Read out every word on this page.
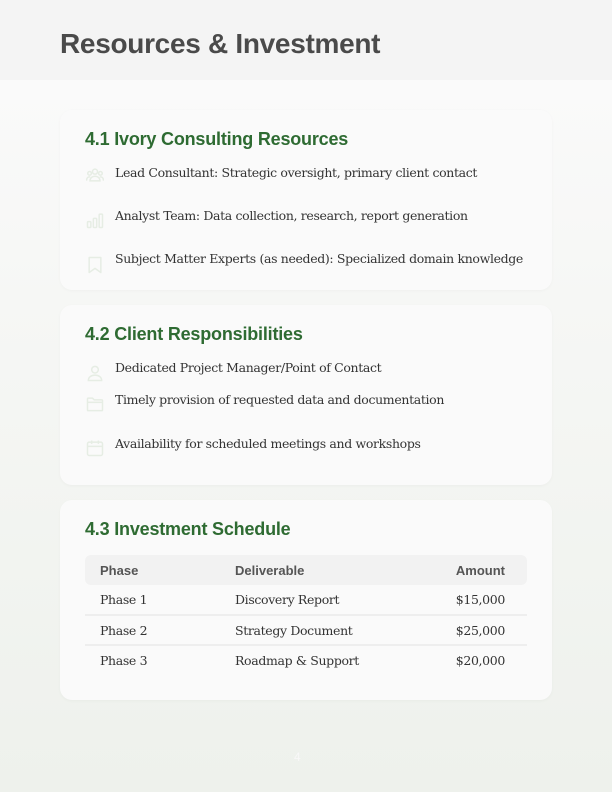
Resources & Investment
4.1 Ivory Consulting Resources
Lead Consultant: Strategic oversight, primary client contact
Analyst Team: Data collection, research, report generation
Subject Matter Experts (as needed): Specialized domain knowledge
4.2 Client Responsibilities
Dedicated Project Manager/Point of Contact
Timely provision of requested data and documentation
Availability for scheduled meetings and workshops
4.3 Investment Schedule
Phase	Deliverable	Amount
Phase 1	Discovery Report	$15,000
Phase 2	Strategy Document	$25,000
Phase 3	Roadmap & Support	$20,000
4
